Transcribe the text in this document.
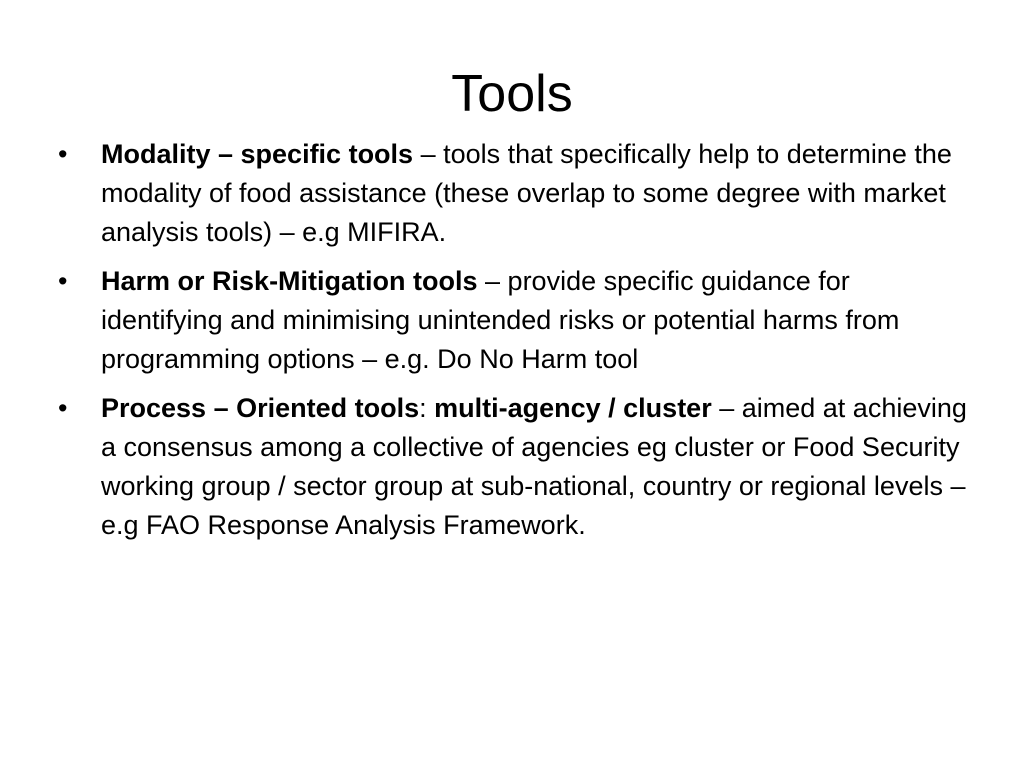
Tools
•	Modality – specific tools – tools that specifically help to determine the modality of food assistance (these overlap to some degree with market analysis tools) – e.g MIFIRA.
•	Harm or Risk-Mitigation tools – provide specific guidance for identifying and minimising unintended risks or potential harms from programming options – e.g. Do No Harm tool
•	Process – Oriented tools: multi-agency / cluster – aimed at achieving a consensus among a collective of agencies eg cluster or Food Security working group / sector group at sub-national, country or regional levels – e.g FAO Response Analysis Framework.
